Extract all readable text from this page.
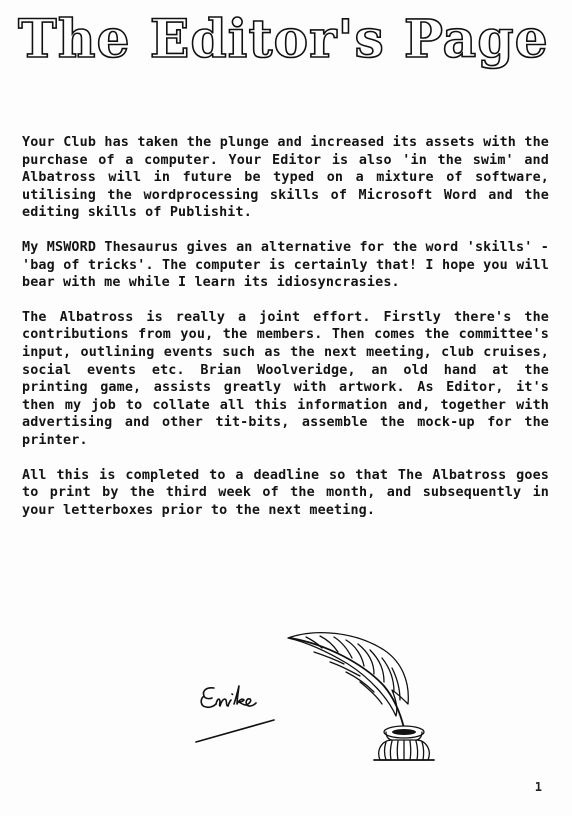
The Editor's Page

Your Club has taken the plunge and increased its assets with the purchase of a computer. Your Editor is also 'in the swim' and Albatross will in future be typed on a mixture of software, utilising the wordprocessing skills of Microsoft Word and the editing skills of Publishit.

My MSWORD Thesaurus gives an alternative for the word 'skills' - 'bag of tricks'. The computer is certainly that! I hope you will bear with me while I learn its idiosyncrasies.

The Albatross is really a joint effort. Firstly there's the contributions from you, the members. Then comes the committee's input, outlining events such as the next meeting, club cruises, social events etc. Brian Woolveridge, an old hand at the printing game, assists greatly with artwork. As Editor, it's then my job to collate all this information and, together with advertising and other tit-bits, assemble the mock-up for the printer.

All this is completed to a deadline so that The Albatross goes to print by the third week of the month, and subsequently in your letterboxes prior to the next meeting.

1
